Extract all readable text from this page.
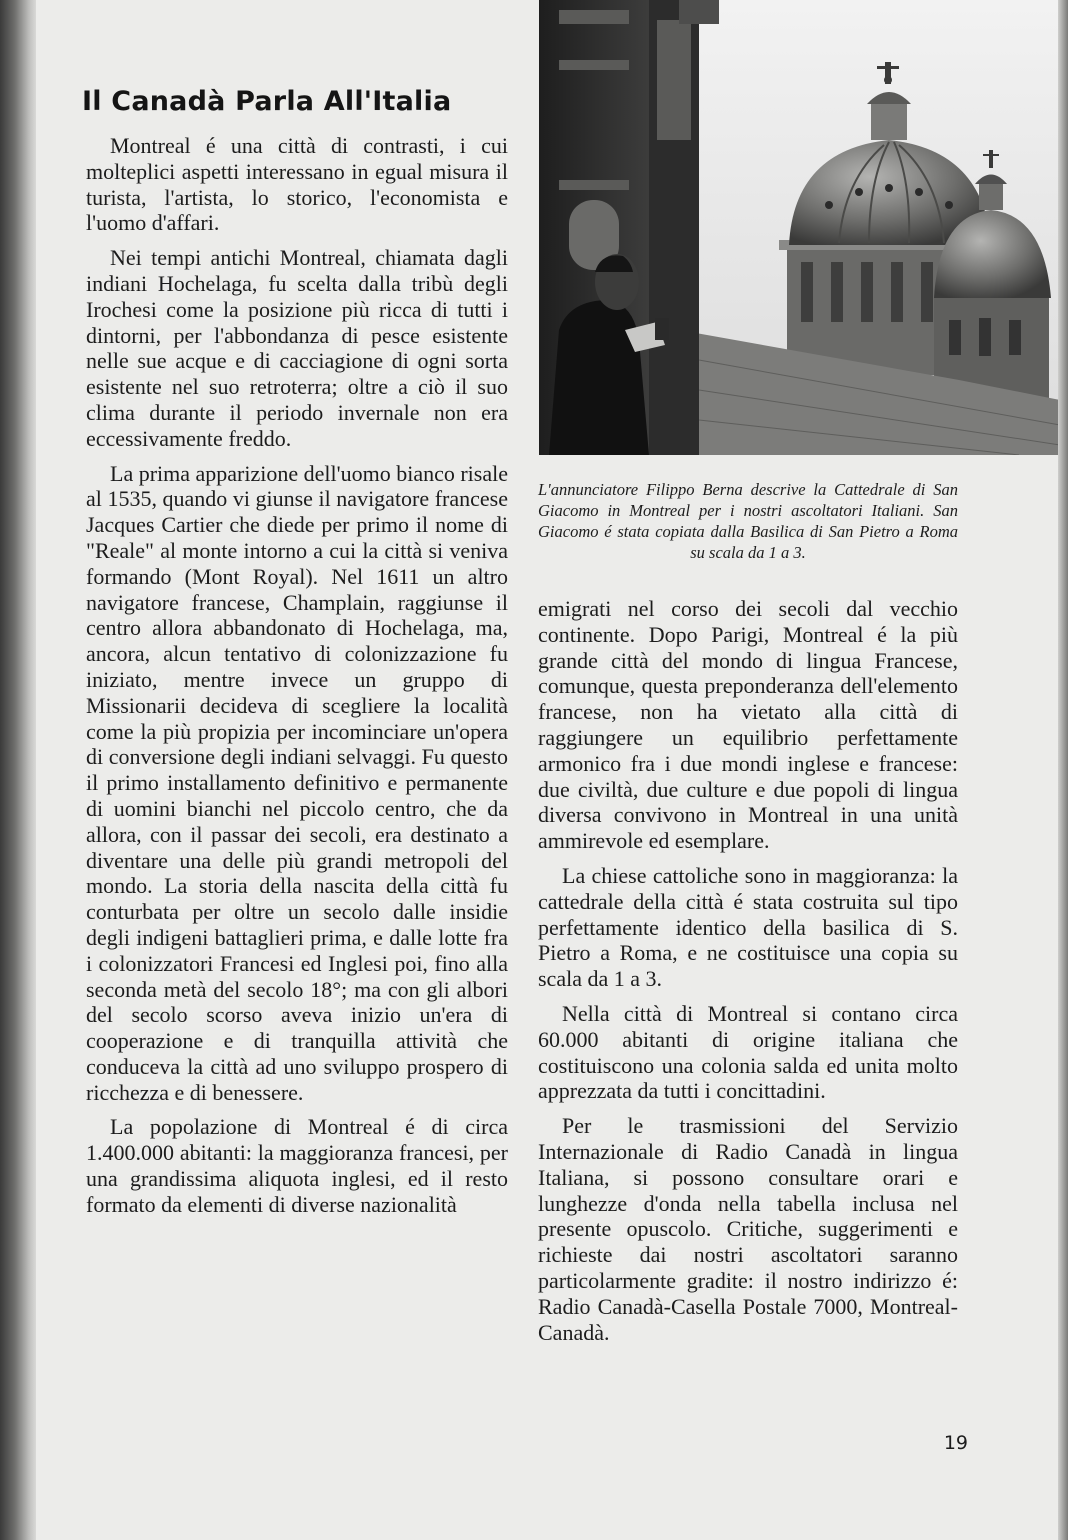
Il Canadà Parla All'Italia

Montreal é una città di contrasti, i cui molteplici aspetti interessano in egual misura il turista, l'artista, lo storico, l'economista e l'uomo d'affari.

Nei tempi antichi Montreal, chiamata dagli indiani Hochelaga, fu scelta dalla tribù degli Irochesi come la posizione più ricca di tutti i dintorni, per l'abbondanza di pesce esistente nelle sue acque e di cacciagione di ogni sorta esistente nel suo retroterra; oltre a ciò il suo clima durante il periodo invernale non era eccessivamente freddo.

La prima apparizione dell'uomo bianco risale al 1535, quando vi giunse il navigatore francese Jacques Cartier che diede per primo il nome di "Reale" al monte intorno a cui la città si veniva formando (Mont Royal). Nel 1611 un altro navigatore francese, Champlain, raggiunse il centro allora abbandonato di Hochelaga, ma, ancora, alcun tentativo di colonizzazione fu iniziato, mentre invece un gruppo di Missionarii decideva di scegliere la località come la più propizia per incominciare un'opera di conversione degli indiani selvaggi. Fu questo il primo installamento definitivo e permanente di uomini bianchi nel piccolo centro, che da allora, con il passar dei secoli, era destinato a diventare una delle più grandi metropoli del mondo. La storia della nascita della città fu conturbata per oltre un secolo dalle insidie degli indigeni battaglieri prima, e dalle lotte fra i colonizzatori Francesi ed Inglesi poi, fino alla seconda metà del secolo 18°; ma con gli albori del secolo scorso aveva inizio un'era di cooperazione e di tranquilla attività che conduceva la città ad uno sviluppo prospero di ricchezza e di benessere.

La popolazione di Montreal é di circa 1.400.000 abitanti: la maggioranza francesi, per una grandissima aliquota inglesi, ed il resto formato da elementi di diverse nazionalità

L'annunciatore Filippo Berna descrive la Cattedrale di San Giacomo in Montreal per i nostri ascoltatori Italiani. San Giacomo é stata copiata dalla Basilica di San Pietro a Roma su scala da 1 a 3.

emigrati nel corso dei secoli dal vecchio continente. Dopo Parigi, Montreal é la più grande città del mondo di lingua Francese, comunque, questa preponderanza dell'elemento francese, non ha vietato alla città di raggiungere un equilibrio perfettamente armonico fra i due mondi inglese e francese: due civiltà, due culture e due popoli di lingua diversa convivono in Montreal in una unità ammirevole ed esemplare.

La chiese cattoliche sono in maggioranza: la cattedrale della città é stata costruita sul tipo perfettamente identico della basilica di S. Pietro a Roma, e ne costituisce una copia su scala da 1 a 3.

Nella città di Montreal si contano circa 60.000 abitanti di origine italiana che costituiscono una colonia salda ed unita molto apprezzata da tutti i concittadini.

Per le trasmissioni del Servizio Internazionale di Radio Canadà in lingua Italiana, si possono consultare orari e lunghezze d'onda nella tabella inclusa nel presente opuscolo. Critiche, suggerimenti e richieste dai nostri ascoltatori saranno particolarmente gradite: il nostro indirizzo é: Radio Canadà-Casella Postale 7000, Montreal-Canadà.

19
